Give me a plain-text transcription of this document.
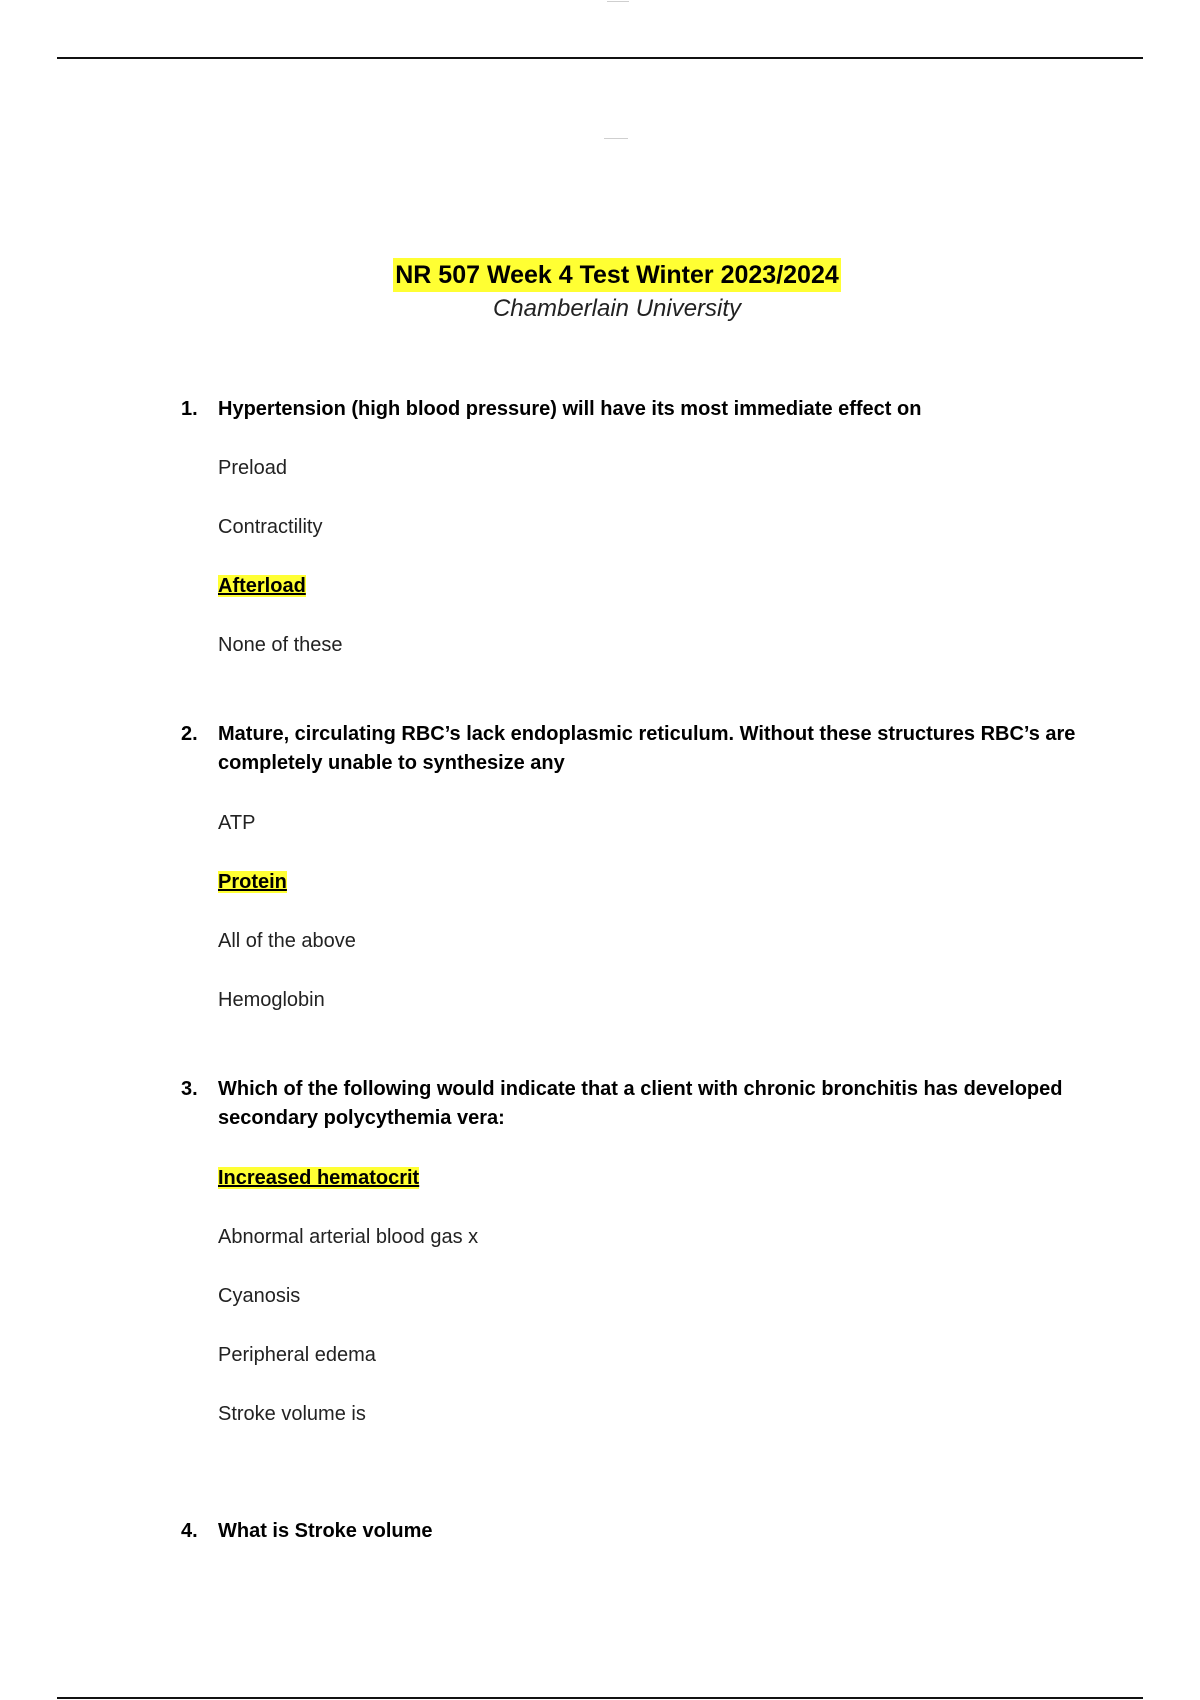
NR 507 Week 4 Test Winter 2023/2024
Chamberlain University
1. Hypertension (high blood pressure) will have its most immediate effect on
Preload
Contractility
Afterload
None of these
2. Mature, circulating RBC’s lack endoplasmic reticulum. Without these structures RBC’s are completely unable to synthesize any
ATP
Protein
All of the above
Hemoglobin
3. Which of the following would indicate that a client with chronic bronchitis has developed secondary polycythemia vera:
Increased hematocrit
Abnormal arterial blood gas x
Cyanosis
Peripheral edema
Stroke volume is
4. What is Stroke volume
